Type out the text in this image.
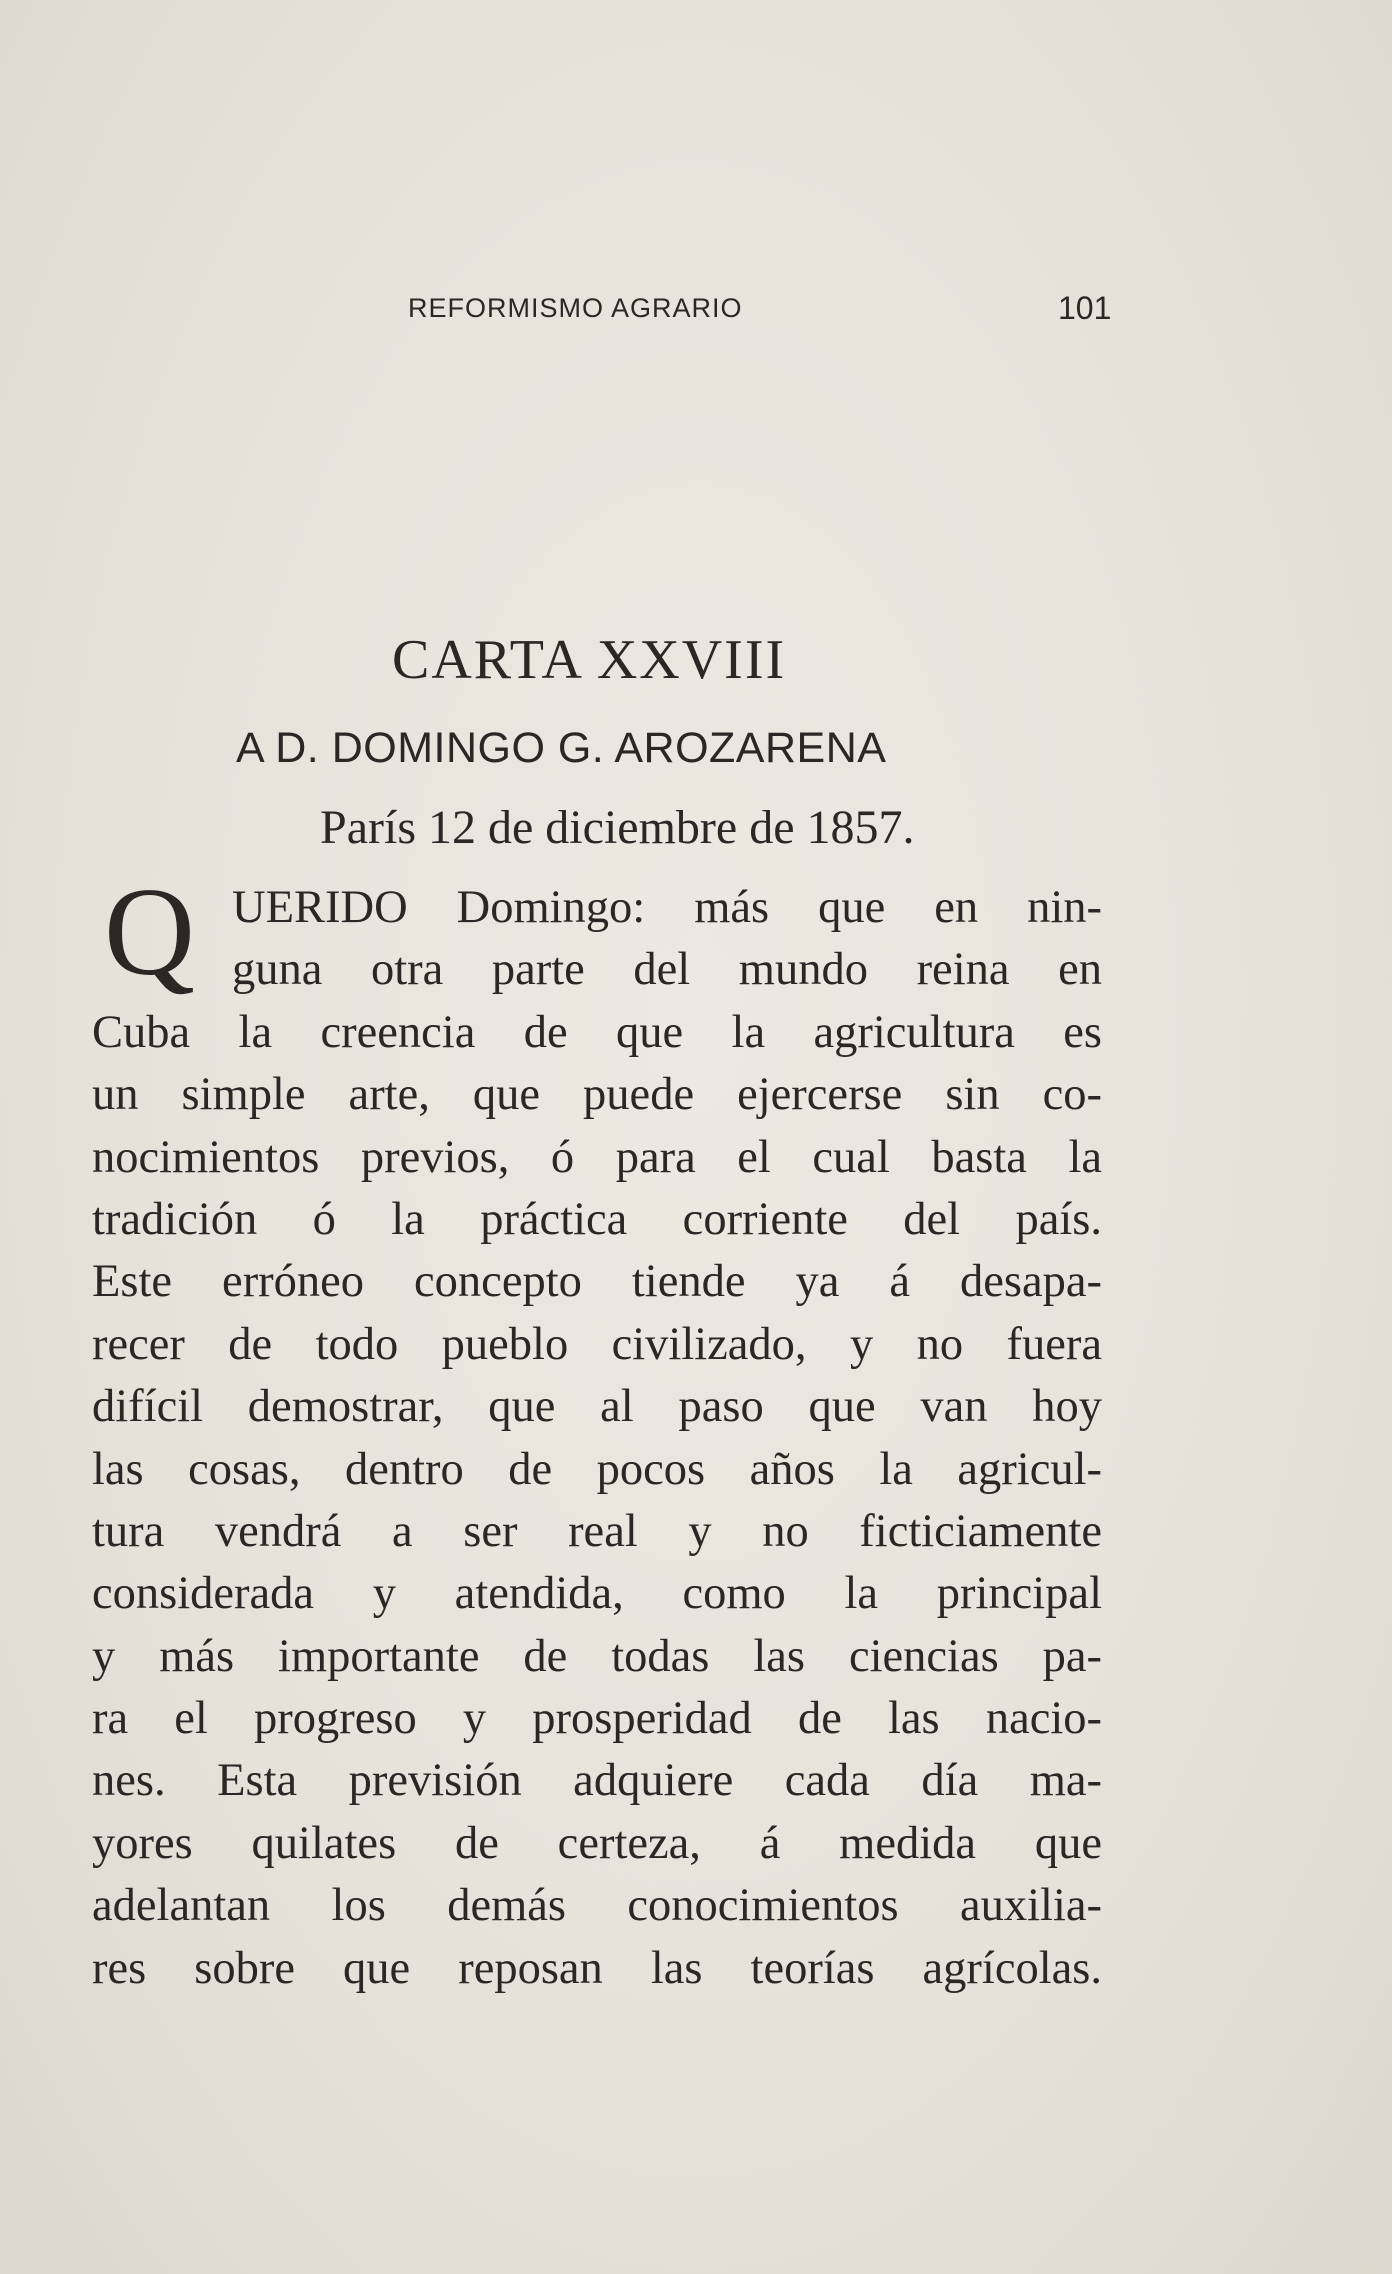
REFORMISMO AGRARIO	101
CARTA XXVIII
A D. DOMINGO G. AROZARENA
París 12 de diciembre de 1857.
Q UERIDO Domingo: más que en nin-
guna otra parte del mundo reina en
Cuba la creencia de que la agricultura es
un simple arte, que puede ejercerse sin co-
nocimientos previos, ó para el cual basta la
tradición ó la práctica corriente del país.
Este erróneo concepto tiende ya á desapa-
recer de todo pueblo civilizado, y no fuera
difícil demostrar, que al paso que van hoy
las cosas, dentro de pocos años la agricul-
tura vendrá a ser real y no ficticiamente
considerada y atendida, como la principal
y más importante de todas las ciencias pa-
ra el progreso y prosperidad de las nacio-
nes. Esta previsión adquiere cada día ma-
yores quilates de certeza, á medida que
adelantan los demás conocimientos auxilia-
res sobre que reposan las teorías agrícolas.
